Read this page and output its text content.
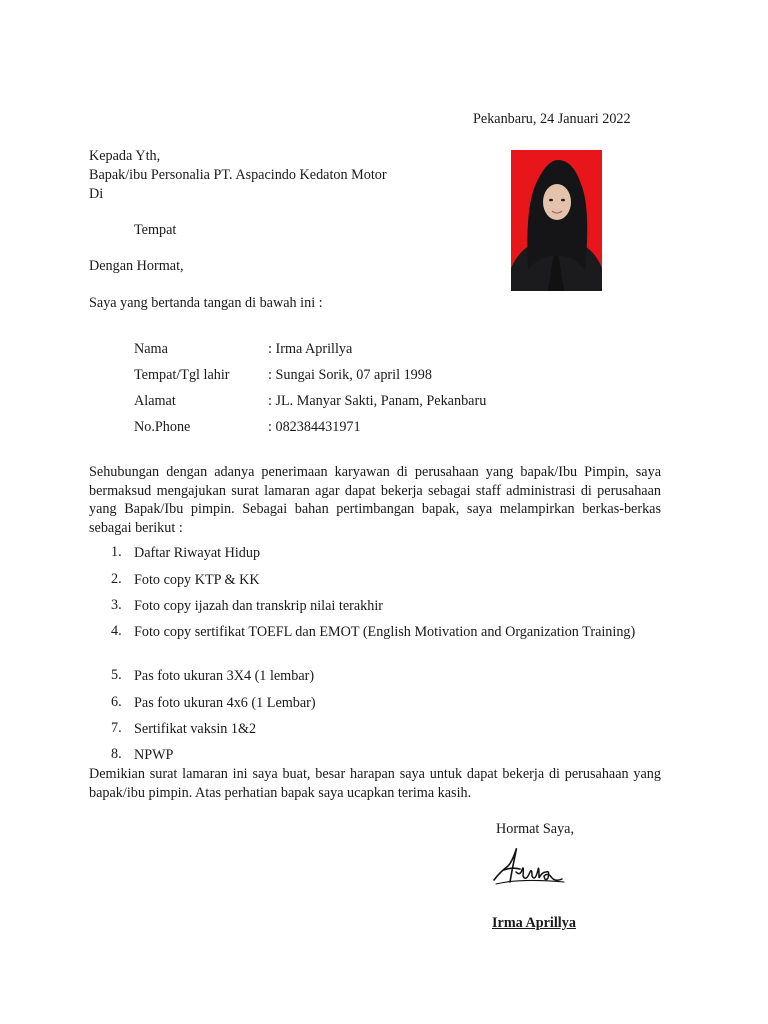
Pekanbaru, 24 Januari 2022
Kepada Yth,
Bapak/ibu Personalia PT. Aspacindo Kedaton Motor
Di
Tempat
Dengan Hormat,
Saya yang bertanda tangan di bawah ini :
Nama	: Irma Aprillya
Tempat/Tgl lahir	: Sungai Sorik, 07 april 1998
Alamat	: JL. Manyar Sakti, Panam, Pekanbaru
No.Phone	: 082384431971
Sehubungan dengan adanya penerimaan karyawan di perusahaan yang bapak/Ibu Pimpin, saya bermaksud mengajukan surat lamaran agar dapat bekerja sebagai staff administrasi di perusahaan yang Bapak/Ibu pimpin. Sebagai bahan pertimbangan bapak, saya melampirkan berkas-berkas sebagai berikut :
1. Daftar Riwayat Hidup
2. Foto copy KTP & KK
3. Foto copy ijazah dan transkrip nilai terakhir
4. Foto copy sertifikat TOEFL dan EMOT (English Motivation and Organization Training)
5. Pas foto ukuran 3X4 (1 lembar)
6. Pas foto ukuran 4x6 (1 Lembar)
7. Sertifikat vaksin 1&2
8. NPWP
Demikian surat lamaran ini saya buat, besar harapan saya untuk dapat bekerja di perusahaan yang bapak/ibu pimpin. Atas perhatian bapak saya ucapkan terima kasih.
Hormat Saya,
Irma Aprillya
